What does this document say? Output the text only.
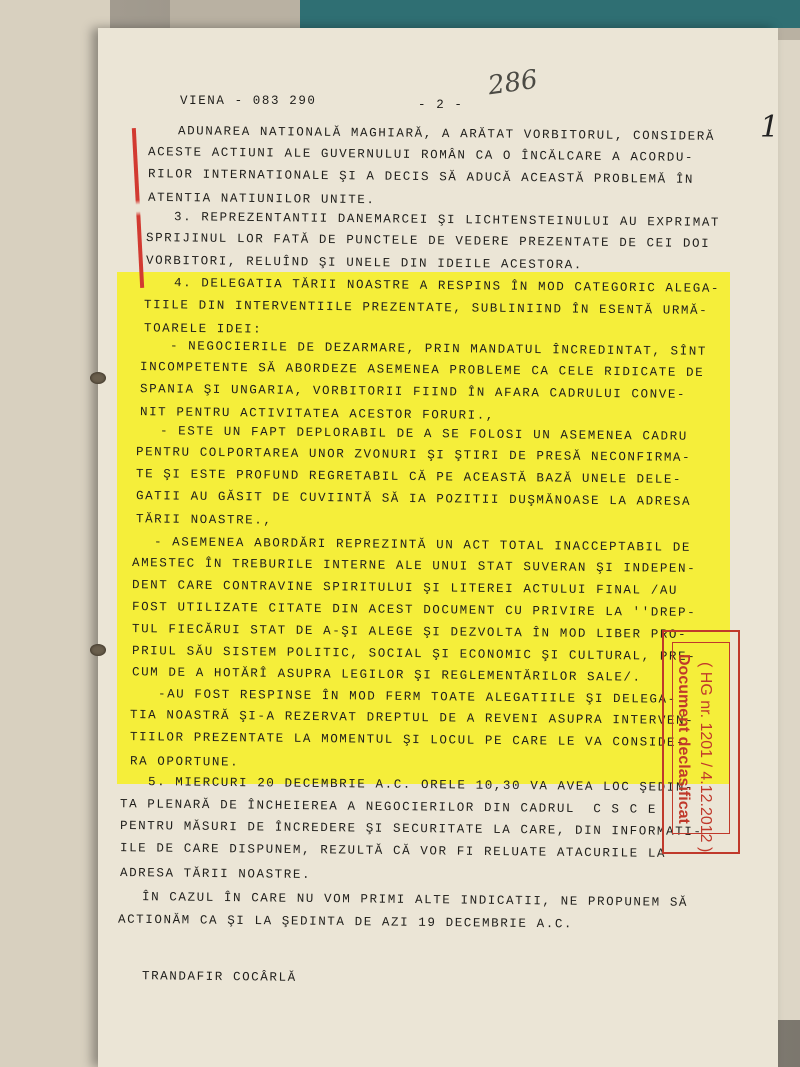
VIENA - 083 290	- 2 -
286
1
ADUNAREA NATIONALĂ MAGHIARĂ, A ARĂTAT VORBITORUL, CONSIDERĂ
ACESTE ACTIUNI ALE GUVERNULUI ROMÂN CA O ÎNCĂLCARE A ACORDU-
RILOR INTERNATIONALE ŞI A DECIS SĂ ADUCĂ ACEASTĂ PROBLEMĂ ÎN
ATENTIA NATIUNILOR UNITE.
3. REPREZENTANTII DANEMARCEI ŞI LICHTENSTEINULUI AU EXPRIMAT
SPRIJINUL LOR FATĂ DE PUNCTELE DE VEDERE PREZENTATE DE CEI DOI
VORBITORI, RELUÎND ŞI UNELE DIN IDEILE ACESTORA.
4. DELEGATIA TĂRII NOASTRE A RESPINS ÎN MOD CATEGORIC ALEGA-
TIILE DIN INTERVENTIILE PREZENTATE, SUBLINIIND ÎN ESENTĂ URMĂ-
TOARELE IDEI:
- NEGOCIERILE DE DEZARMARE, PRIN MANDATUL ÎNCREDINTAT, SÎNT
INCOMPETENTE SĂ ABORDEZE ASEMENEA PROBLEME CA CELE RIDICATE DE
SPANIA ŞI UNGARIA, VORBITORII FIIND ÎN AFARA CADRULUI CONVE-
NIT PENTRU ACTIVITATEA ACESTOR FORURI.,
- ESTE UN FAPT DEPLORABIL DE A SE FOLOSI UN ASEMENEA CADRU
PENTRU COLPORTAREA UNOR ZVONURI ŞI ŞTIRI DE PRESĂ NECONFIRMA-
TE ŞI ESTE PROFUND REGRETABIL CĂ PE ACEASTĂ BAZĂ UNELE DELE-
GATII AU GĂSIT DE CUVIINTĂ SĂ IA POZITII DUŞMĂNOASE LA ADRESA
TĂRII NOASTRE.,
- ASEMENEA ABORDĂRI REPREZINTĂ UN ACT TOTAL INACCEPTABIL DE
AMESTEC ÎN TREBURILE INTERNE ALE UNUI STAT SUVERAN ŞI INDEPEN-
DENT CARE CONTRAVINE SPIRITULUI ŞI LITEREI ACTULUI FINAL /AU
FOST UTILIZATE CITATE DIN ACEST DOCUMENT CU PRIVIRE LA ''DREP-
TUL FIECĂRUI STAT DE A-ŞI ALEGE ŞI DEZVOLTA ÎN MOD LIBER PRO-
PRIUL SĂU SISTEM POLITIC, SOCIAL ŞI ECONOMIC ŞI CULTURAL, PRE-
CUM DE A HOTĂRÎ ASUPRA LEGILOR ŞI REGLEMENTĂRILOR SALE/.
-AU FOST RESPINSE ÎN MOD FERM TOATE ALEGATIILE ŞI DELEGA-
TIA NOASTRĂ ŞI-A REZERVAT DREPTUL DE A REVENI ASUPRA INTERVEN-
TIILOR PREZENTATE LA MOMENTUL ŞI LOCUL PE CARE LE VA CONSIDE-
RA OPORTUNE.
5. MIERCURI 20 DECEMBRIE A.C. ORELE 10,30 VA AVEA LOC ŞEDIN-
TA PLENARĂ DE ÎNCHEIEREA A NEGOCIERILOR DIN CADRUL  C S C E
PENTRU MĂSURI DE ÎNCREDERE ŞI SECURITATE LA CARE, DIN INFORMATI-
ILE DE CARE DISPUNEM, REZULTĂ CĂ VOR FI RELUATE ATACURILE LA
ADRESA TĂRII NOASTRE.
ÎN CAZUL ÎN CARE NU VOM PRIMI ALTE INDICATII, NE PROPUNEM SĂ
ACTIONĂM CA ŞI LA ŞEDINTA DE AZI 19 DECEMBRIE A.C.
TRANDAFIR COCÂRLĂ
Document declasificat ( HG nr. 1201 / 4.12.2012 )
